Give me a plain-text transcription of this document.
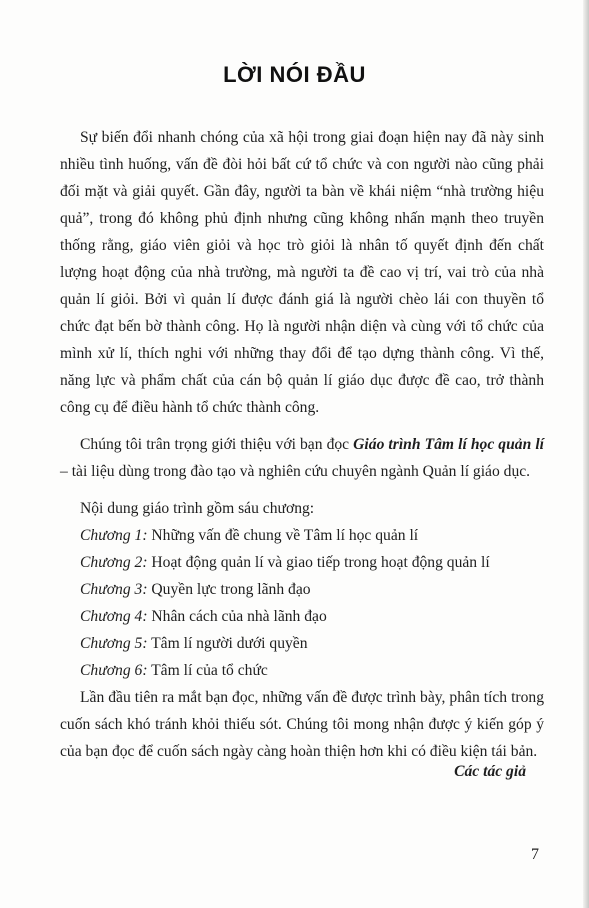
LỜI NÓI ĐẦU

Sự biến đổi nhanh chóng của xã hội trong giai đoạn hiện nay đã này sinh nhiều tình huống, vấn đề đòi hỏi bất cứ tổ chức và con người nào cũng phải đối mặt và giải quyết. Gần đây, người ta bàn về khái niệm “nhà trường hiệu quả”, trong đó không phủ định nhưng cũng không nhấn mạnh theo truyền thống rằng, giáo viên giỏi và học trò giỏi là nhân tố quyết định đến chất lượng hoạt động của nhà trường, mà người ta đề cao vị trí, vai trò của nhà quản lí giỏi. Bởi vì quản lí được đánh giá là người chèo lái con thuyền tổ chức đạt bến bờ thành công. Họ là người nhận diện và cùng với tổ chức của mình xử lí, thích nghi với những thay đổi để tạo dựng thành công. Vì thế, năng lực và phẩm chất của cán bộ quản lí giáo dục được đề cao, trở thành công cụ để điều hành tổ chức thành công.

Chúng tôi trân trọng giới thiệu với bạn đọc Giáo trình Tâm lí học quản lí – tài liệu dùng trong đào tạo và nghiên cứu chuyên ngành Quản lí giáo dục.

Nội dung giáo trình gồm sáu chương:

Chương 1: Những vấn đề chung về Tâm lí học quản lí
Chương 2: Hoạt động quản lí và giao tiếp trong hoạt động quản lí
Chương 3: Quyền lực trong lãnh đạo
Chương 4: Nhân cách của nhà lãnh đạo
Chương 5: Tâm lí người dưới quyền
Chương 6: Tâm lí của tổ chức

Lần đầu tiên ra mắt bạn đọc, những vấn đề được trình bày, phân tích trong cuốn sách khó tránh khỏi thiếu sót. Chúng tôi mong nhận được ý kiến góp ý của bạn đọc để cuốn sách ngày càng hoàn thiện hơn khi có điều kiện tái bản.

Các tác giả
7
